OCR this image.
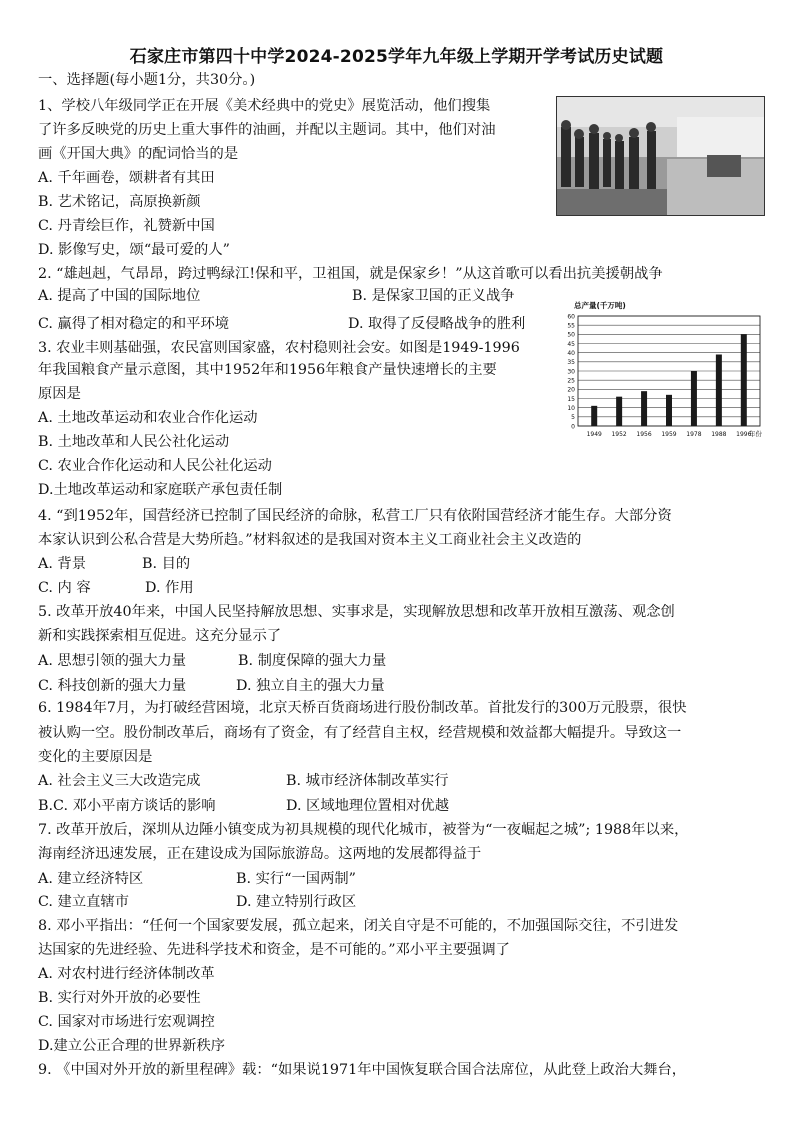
石家庄市第四十中学2024-2025学年九年级上学期开学考试历史试题
一、选择题(每小题1分，共30分。)
1、学校八年级同学正在开展《美术经典中的党史》展览活动，他们搜集
了许多反映党的历史上重大事件的油画，并配以主题词。其中，他们对油
画《开国大典》的配词恰当的是
A. 千年画卷，颂耕者有其田
B. 艺术铭记，高原换新颜
C. 丹青绘巨作，礼赞新中国
D. 影像写史，颂“最可爱的人”
2. “雄赳赳，气昂昂，跨过鸭绿江!保和平，卫祖国，就是保家乡！”从这首歌可以看出抗美援朝战争
A. 提高了中国的国际地位	B. 是保家卫国的正义战争
C. 赢得了相对稳定的和平环境	D. 取得了反侵略战争的胜利
3. 农业丰则基础强，农民富则国家盛，农村稳则社会安。如图是1949-1996
年我国粮食产量示意图，其中1952年和1956年粮食产量快速增长的主要
原因是
A. 土地改革运动和农业合作化运动
B. 土地改革和人民公社化运动
C. 农业合作化运动和人民公社化运动
D.土地改革运动和家庭联产承包责任制
总产量(千万吨)
0
5
10
15
20
25
30
35
40
45
50
55
60
1949 1952 1956 1959 1978 1988 1996
年份
4. “到1952年，国营经济已控制了国民经济的命脉，私营工厂只有依附国营经济才能生存。大部分资
本家认识到公私合营是大势所趋。”材料叙述的是我国对资本主义工商业社会主义改造的
A. 背景	B. 目的
C. 内 容	D. 作用
5. 改革开放40年来，中国人民坚持解放思想、实事求是，实现解放思想和改革开放相互激荡、观念创
新和实践探索相互促进。这充分显示了
A. 思想引领的强大力量	B. 制度保障的强大力量
C. 科技创新的强大力量	D. 独立自主的强大力量
6. 1984年7月，为打破经营困境，北京天桥百货商场进行股份制改革。首批发行的300万元股票，很快
被认购一空。股份制改革后，商场有了资金，有了经营自主权，经营规模和效益都大幅提升。导致这一
变化的主要原因是
A. 社会主义三大改造完成	B. 城市经济体制改革实行
B.C. 邓小平南方谈话的影响	D. 区域地理位置相对优越
7. 改革开放后，深圳从边陲小镇变成为初具规模的现代化城市，被誉为“一夜崛起之城”; 1988年以来，
海南经济迅速发展，正在建设成为国际旅游岛。这两地的发展都得益于
A. 建立经济特区	B. 实行“一国两制”
C. 建立直辖市	D. 建立特别行政区
8. 邓小平指出：“任何一个国家要发展，孤立起来，闭关自守是不可能的，不加强国际交往，不引进发
达国家的先进经验、先进科学技术和资金，是不可能的。”邓小平主要强调了
A. 对农村进行经济体制改革
B. 实行对外开放的必要性
C. 国家对市场进行宏观调控
D.建立公正合理的世界新秩序
9. 《中国对外开放的新里程碑》载：“如果说1971年中国恢复联合国合法席位，从此登上政治大舞台，
